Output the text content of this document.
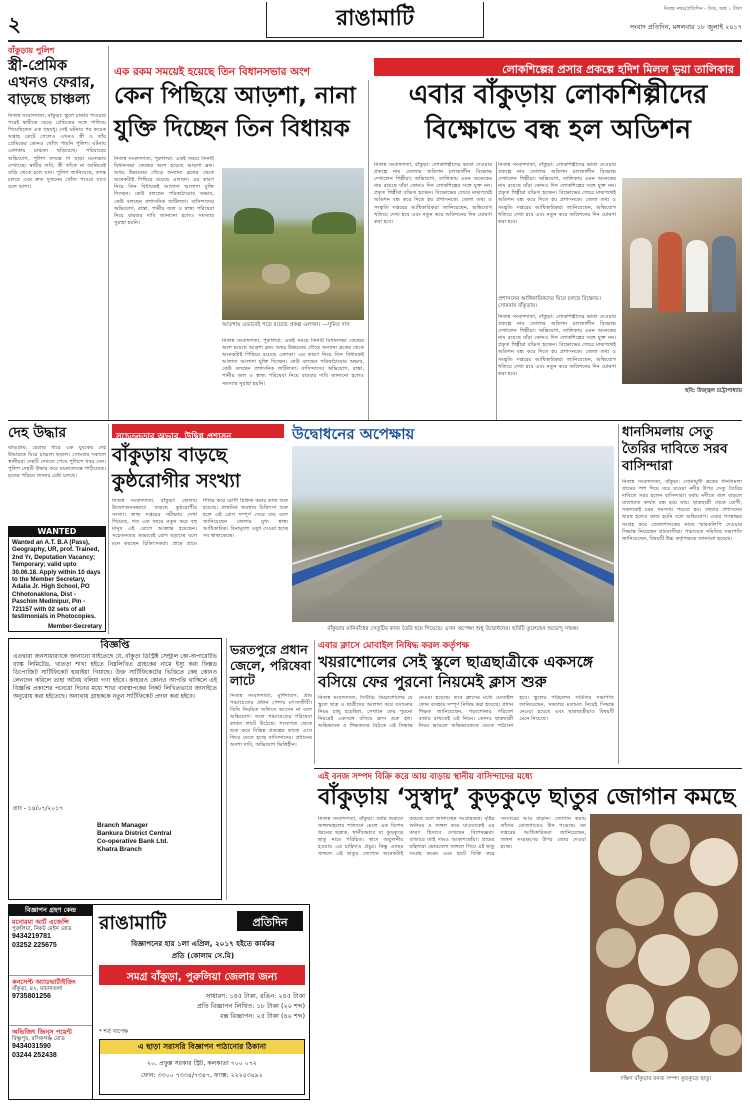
২	রাঙামাটি	নিবন্ধ নম্বর/প্রতিদিন - ডিম্ব, অঙ্ক ১ টাকা
সংবাদ প্রতিদিন, মঙ্গলবার ১৮ জুলাই ২০১৭
বাঁকুড়ায় পুলিশ
স্ত্রী-প্রেমিক এখনও ফেরার, বাড়ছে চাঞ্চল্য
নিজস্ব সংবাদদাতা, বাঁকুড়া: স্কুলে চাকরি পাওয়ার পরেই স্বামীকে ছেড়ে প্রেমিকের সঙ্গে পালিয়ে গিয়েছিলেন এক গৃহবধূ। সেই ঘটনার পর কয়েক সপ্তাহ কেটে গেলেও এখনও স্ত্রী ও তাঁর প্রেমিকের কোনও খোঁজ পায়নি পুলিশ। ঘটনায় এলাকায় চাঞ্চল্য ছড়িয়েছে। পরিবারের অভিযোগ, পুলিশ তদন্তে গা ছাড়া মনোভাব দেখাচ্ছে। স্বামীর দাবি, স্ত্রী তাঁকে না জানিয়েই বাড়ি থেকে চলে যান। পুলিশ জানিয়েছে, তদন্ত চলছে এবং দ্রুত দুজনের খোঁজ পাওয়া যাবে বলে আশা।
এক রকম সময়েই হয়েছে তিন বিধানসভার অংশ	লোকশিল্পের প্রসার প্রকল্পে হদিশ মিলল ভুয়া তালিকার
কেন পিছিয়ে আড়শা, নানা যুক্তি দিচ্ছেন তিন বিধায়ক
নিজস্ব সংবাদদাতা, পুরুলিয়া: একই সময়ে তিনটি বিধানসভা কেন্দ্রের অংশ হয়েছে আড়শা ব্লক। অথচ উন্নয়নের দৌড়ে অন্যান্য ব্লকের থেকে অনেকটাই পিছিয়ে রয়েছে এলাকা। এর কারণ নিয়ে তিন বিধায়কই আলাদা আলাদা যুক্তি দিচ্ছেন। কেউ বলছেন পরিকাঠামোর অভাব, কেউ বলছেন প্রশাসনিক জটিলতা। বাসিন্দাদের অভিযোগ, রাস্তা, পানীয় জল ও স্বাস্থ্য পরিষেবা নিয়ে বারবার দাবি জানানো হলেও সমস্যার সুরাহা হয়নি।
আড়শায় এভাবেই পড়ে রয়েছে প্রকল্প এলাকা। —সুমিত দাস
নিজস্ব সংবাদদাতা, পুরুলিয়া: একই সময়ে তিনটি বিধানসভা কেন্দ্রের অংশ হয়েছে আড়শা ব্লক। অথচ উন্নয়নের দৌড়ে অন্যান্য ব্লকের থেকে অনেকটাই পিছিয়ে রয়েছে এলাকা। এর কারণ নিয়ে তিন বিধায়কই আলাদা আলাদা যুক্তি দিচ্ছেন। কেউ বলছেন পরিকাঠামোর অভাব, কেউ বলছেন প্রশাসনিক জটিলতা। বাসিন্দাদের অভিযোগ, রাস্তা, পানীয় জল ও স্বাস্থ্য পরিষেবা নিয়ে বারবার দাবি জানানো হলেও সমস্যার সুরাহা হয়নি।
এবার বাঁকুড়ায় লোকশিল্পীদের বিক্ষোভে বন্ধ হল অডিশন
নিজস্ব সংবাদদাতা, বাঁকুড়া: লোকশিল্পীদের ভাতা দেওয়ার প্রকল্পে নাম তোলার অডিশন চলাকালীন বিক্ষোভ দেখালেন শিল্পীরা। অভিযোগ, তালিকায় এমন অনেকের নাম রয়েছে যাঁরা কোনও দিন লোকশিল্পের সঙ্গে যুক্ত নন। প্রকৃত শিল্পীরা বঞ্চিত হচ্ছেন। বিক্ষোভের জেরে মাঝপথেই অডিশন বন্ধ করে দিতে হয় প্রশাসনকে। জেলা তথ্য ও সংস্কৃতি দপ্তরের আধিকারিকরা জানিয়েছেন, অভিযোগ খতিয়ে দেখা হবে এবং নতুন করে অডিশনের দিন ঘোষণা করা হবে।
নিজস্ব সংবাদদাতা, বাঁকুড়া: লোকশিল্পীদের ভাতা দেওয়ার প্রকল্পে নাম তোলার অডিশন চলাকালীন বিক্ষোভ দেখালেন শিল্পীরা। অভিযোগ, তালিকায় এমন অনেকের নাম রয়েছে যাঁরা কোনও দিন লোকশিল্পের সঙ্গে যুক্ত নন। প্রকৃত শিল্পীরা বঞ্চিত হচ্ছেন। বিক্ষোভের জেরে মাঝপথেই অডিশন বন্ধ করে দিতে হয় প্রশাসনকে। জেলা তথ্য ও সংস্কৃতি দপ্তরের আধিকারিকরা জানিয়েছেন, অভিযোগ খতিয়ে দেখা হবে এবং নতুন করে অডিশনের দিন ঘোষণা করা হবে।
প্রশাসনের আধিকারিকদের ঘিরে চলছে বিক্ষোভ। সোমবার বাঁকুড়ায়।
নিজস্ব সংবাদদাতা, বাঁকুড়া: লোকশিল্পীদের ভাতা দেওয়ার প্রকল্পে নাম তোলার অডিশন চলাকালীন বিক্ষোভ দেখালেন শিল্পীরা। অভিযোগ, তালিকায় এমন অনেকের নাম রয়েছে যাঁরা কোনও দিন লোকশিল্পের সঙ্গে যুক্ত নন। প্রকৃত শিল্পীরা বঞ্চিত হচ্ছেন। বিক্ষোভের জেরে মাঝপথেই অডিশন বন্ধ করে দিতে হয় প্রশাসনকে। জেলা তথ্য ও সংস্কৃতি দপ্তরের আধিকারিকরা জানিয়েছেন, অভিযোগ খতিয়ে দেখা হবে এবং নতুন করে অডিশনের দিন ঘোষণা করা হবে।
ছবি: উজ্জ্বল চট্টোপাধ্যায়
দেহ উদ্ধার
ঝাড়গ্রাম: রেলের ধারে এক যুবকের দেহ উদ্ধারকে ঘিরে চাঞ্চল্য ছড়াল। সোমবার সকালে স্থানীয়রা দেহটি দেখতে পেয়ে পুলিশে খবর দেন। পুলিশ দেহটি উদ্ধার করে ময়নাতদন্তে পাঠিয়েছে। মৃতের পরিচয় জানার চেষ্টা চলছে।
WANTED
Wanted an A.T. B.A (Pass), Geography, UR, prof. Trained, 2nd Yr, Deputation Vacancy; Temporary; valid upto 30.06.18. Apply within 10 days to the Member Secretary, Adalia Jr. High School, PO Chhotonaklona, Dist - Paschim Medinipur, Pin - 721157 with 02 sets of all testimonials in Photocopies.
Member-Secretary
সচেতনতার অভাব, উদ্বিগ্ন প্রশাসন
বাঁকুড়ায় বাড়ছে কুষ্ঠরোগীর সংখ্যা
নিজস্ব সংবাদদাতা, বাঁকুড়া: জেলায় উদ্বেগজনকভাবে বাড়ছে কুষ্ঠরোগীর সংখ্যা। স্বাস্থ্য দপ্তরের সমীক্ষায় দেখা গিয়েছে, গত এক বছরে নতুন করে বহু মানুষ এই রোগে আক্রান্ত হয়েছেন। সচেতনতার অভাবেই রোগ ছড়াচ্ছে বলে মনে করছেন চিকিৎসকরা। গ্রামে গ্রামে শিবির করে রোগী চিহ্নিত করার কাজ শুরু হয়েছে। প্রাথমিক অবস্থায় চিকিৎসা শুরু হলে এই রোগ সম্পূর্ণ সেরে যায় বলে জানিয়েছেন জেলার মুখ্য স্বাস্থ্য আধিকারিক। বিনামূল্যে ওষুধ দেওয়া হচ্ছে সব স্বাস্থ্যকেন্দ্রে।
উদ্বোধনের অপেক্ষায়
বাঁকুড়ার রানিবাঁধের সেতুটির কাজ তৈরি হয়ে গিয়েছে। এখন অপেক্ষা শুধু উদ্বোধনের। ছবিটি তুলেছেন শুভেন্দু সামন্ত।
ধানসিমলায় সেতু তৈরির দাবিতে সরব বাসিন্দারা
নিজস্ব সংবাদদাতা, বাঁকুড়া: সোনামুখী ব্লকের ধানসিমলা গ্রামের পাশ দিয়ে বয়ে যাওয়া নদীর উপর সেতু তৈরির দাবিতে সরব হলেন বাসিন্দারা। বর্ষায় নদীতে জল বাড়লে যাতায়াত কার্যত বন্ধ হয়ে যায়। ছাত্রছাত্রী থেকে রোগী, সকলকেই চরম সমস্যায় পড়তে হয়। বহুবার প্রশাসনের দ্বারস্থ হলেও কাজ হয়নি বলে অভিযোগ। এবার গণস্বাক্ষর সংগ্রহ করে জেলাশাসকের কাছে স্মারকলিপি দেওয়ার সিদ্ধান্ত নিয়েছেন গ্রামবাসীরা। পঞ্চায়েত সমিতির সভাপতি জানিয়েছেন, বিষয়টি উচ্চ কর্তৃপক্ষকে জানানো হয়েছে।
বিজ্ঞপ্তি
এতদ্বারা জনসাধারণকে জানানো যাইতেছে যে, বাঁকুড়া ডিস্ট্রিক্ট সেন্ট্রাল কো-অপারেটিভ ব্যাঙ্ক লিমিটেড, খাতড়া শাখা হইতে নিম্নলিখিত গ্রাহকের নামে ইস্যু করা ফিক্সড ডিপোজিট সার্টিফিকেট হারাইয়া গিয়াছে। উক্ত সার্টিফিকেটের ভিত্তিতে কেহ কোনও লেনদেন করিলে তাহা অবৈধ বলিয়া গণ্য হইবে। কাহারও কোনও আপত্তি থাকিলে এই বিজ্ঞপ্তি প্রকাশের পনেরো দিনের মধ্যে শাখা ব্যবস্থাপকের নিকট লিখিতভাবে জানাইতে অনুরোধ করা হইতেছে। অন্যথায় গ্রাহককে নতুন সার্টিফিকেট প্রদান করা হইবে।
তাং - ১৪/০৭/২০১৭
Branch Manager
Bankura District Central
Co-operative Bank Ltd.
Khatra Branch
ভরতপুরে প্রধান জেলে, পরিষেবা লাটে
নিজস্ব সংবাদদাতা, মুর্শিদাবাদ: গ্রাম পঞ্চায়েতের প্রধান পেশায় মৎস্যজীবী। তিনি নিয়মিত অফিসে আসেন না বলে অভিযোগ। ফলে পঞ্চায়েতের পরিষেবা কার্যত লাটে উঠেছে। শংসাপত্র থেকে শুরু করে বিভিন্ন প্রকল্পের কাজে এসে ফিরে যেতে হচ্ছে বাসিন্দাদের। প্রধানের অবশ্য দাবি, অভিযোগ ভিত্তিহীন।
এবার ক্লাসে মোবাইল নিষিদ্ধ করল কর্তৃপক্ষ
খয়রাশোলের সেই স্কুলে ছাত্রছাত্রীকে একসঙ্গে বসিয়ে ফের পুরনো নিয়মেই ক্লাস শুরু
নিজস্ব সংবাদদাতা, সিউড়ি: খয়রাশোলের যে স্কুলে ছাত্র ও ছাত্রীদের আলাদা করে বসানোর নিয়ম চালু হয়েছিল, সেখানে ফের পুরনো নিয়মেই একসঙ্গে বসিয়ে ক্লাস শুরু হল। অভিভাবক ও শিক্ষকদের বৈঠকে এই সিদ্ধান্ত নেওয়া হয়েছে। তবে ক্লাসের মধ্যে মোবাইল ফোন ব্যবহার সম্পূর্ণ নিষিদ্ধ করা হয়েছে। প্রধান শিক্ষক জানিয়েছেন, পড়াশোনার পরিবেশ বজায় রাখতেই এই নিয়ম। কোনও ছাত্রছাত্রী নিয়ম ভাঙলে অভিভাবককে ডেকে পাঠানো হবে। স্কুলের পরিচালন সমিতির সভাপতি জানিয়েছেন, সকলের মতামত নিয়েই সিদ্ধান্ত নেওয়া হয়েছে এবং ছাত্রছাত্রীরাও বিষয়টি মেনে নিয়েছে।
এই বনজ সম্পদ বিক্রি করে আয় বাড়ায় স্থানীয় বাসিন্দাদের মধ্যে
বাঁকুড়ায় ‘সুস্বাদু’ কুড়কুড়ে ছাতুর জোগান কমছে
নিজস্ব সংবাদদাতা, বাঁকুড়া: বর্ষার শুরুতে জঙ্গলমহলের শালবনে মেলে এক বিশেষ ধরনের ছত্রাক, স্থানীয়ভাবে যা কুড়কুড়ে ছাতু নামে পরিচিত। স্বাদে অতুলনীয় হওয়ায় এর চাহিদাও প্রচুর। কিন্তু এবছর জঙ্গলে এই ছাতুর জোগান অনেকটাই কমেছে বলে জানাচ্ছেন সংগ্রাহকরা। বৃষ্টির অনিয়ম ও জঙ্গল কমে যাওয়াকেই এর কারণ হিসাবে দেখছেন বিশেষজ্ঞরা। বাজারে তাই দামও আকাশছোঁয়া। গ্রামের মহিলারা ভোরবেলা জঙ্গলে গিয়ে এই ছাতু সংগ্রহ করেন এবং হাটে বিক্রি করে সংসারের আয় বাড়ান। জোগান কমায় তাঁদের রোজগারেও টান পড়েছে। বন দপ্তরের আধিকারিকরা জানিয়েছেন, জঙ্গল সংরক্ষণের উপর জোর দেওয়া হচ্ছে।
দক্ষিণ বাঁকুড়ার বনজ সম্পদ কুড়কুড়ে ছাতু।
বিজ্ঞাপন গ্রহণ কেন্দ্র
মনোরমা আর্ট এজেন্সি
পুরুলিয়া, নিকট মেইন রোড
9434219781
03252 225675
কনসেপ্ট অ্যাডভার্টাইজিং
বাঁকুড়া, ৪২, মাচানতলা
9735801256
অভিজিৎ জিন্‌স পয়েন্ট
বিষ্ণুপুর, রসিকগঞ্জ রোড
9434031590
03244 252438
রাঙামাটি	প্রতিদিন
বিজ্ঞাপনের হার ১লা এপ্রিল, ২০১৭ হইতে কার্যকর
প্রতি (কোলাম সে.মি)
সমগ্র বাঁকুড়া, পুরুলিয়া জেলার জন্য
সাধারণ: ১৪৫ টাকা, রঙিন: ২৪৫ টাকা
প্রতি বিজ্ঞাপন লিখিত: ১৮ টাকা (২০ শব্দ)
বক্স বিজ্ঞাপন: ২৫ টাকা (৪০ শব্দ)
* শর্ত সাপেক্ষ
এ ছাড়া সরাসরি বিজ্ঞাপন পাঠানোর ঠিকানা
২০, প্রফুল্ল সরকার স্ট্রিট, কলকাতা ৭০০ ০৭২
ফোন: ৩৩০০ ৭৩৩৪/৭৩৪৭, ফ্যাক্স: ২২২৫৩৪৯২
